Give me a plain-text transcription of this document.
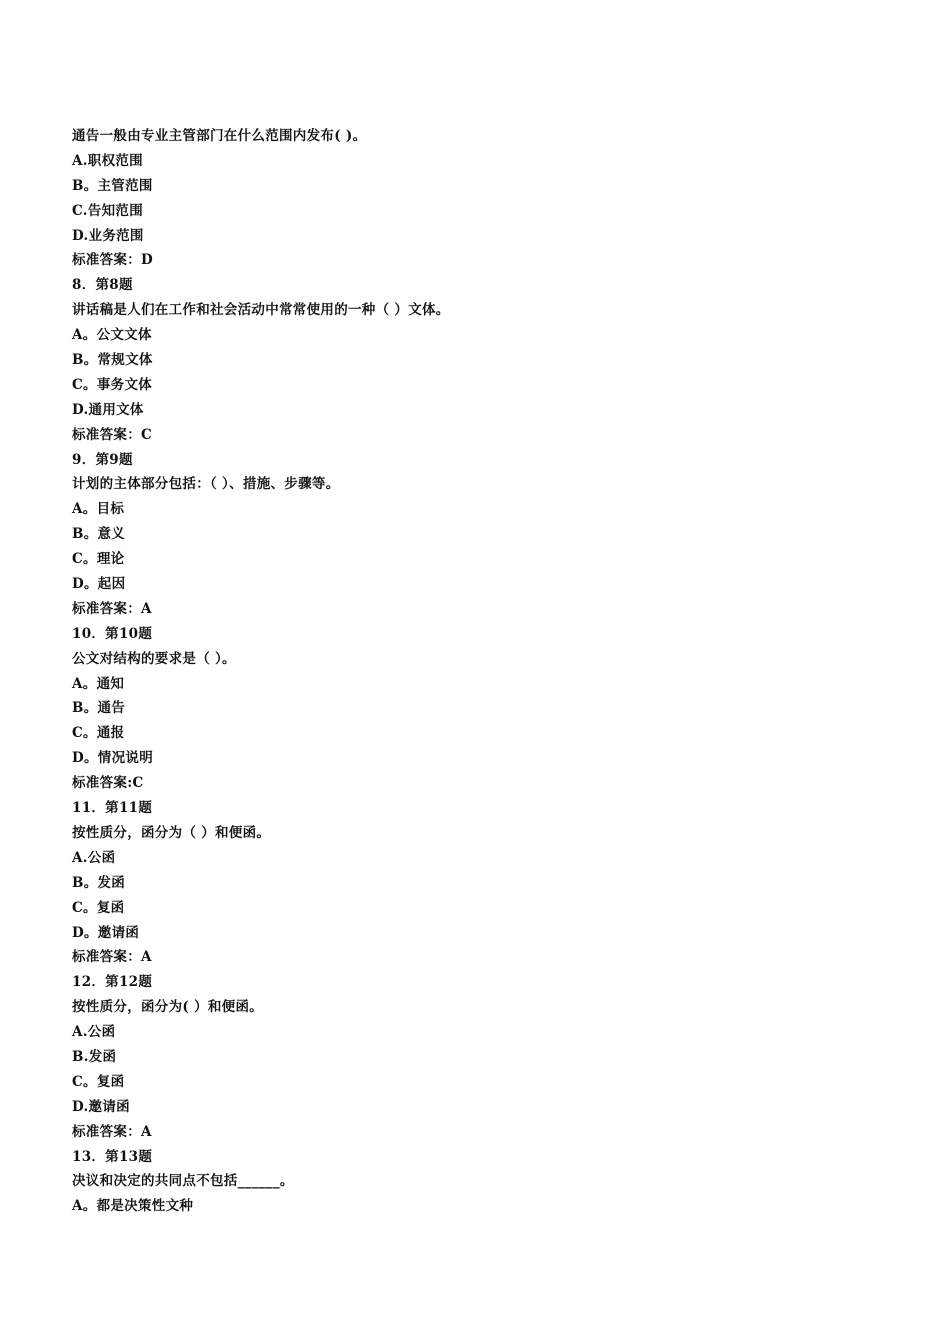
通告一般由专业主管部门在什么范围内发布( )。
A.职权范围
B。主管范围
C.告知范围
D.业务范围
标准答案：D
8．第8题
讲话稿是人们在工作和社会活动中常常使用的一种（ ）文体。
A。公文文体
B。常规文体
C。事务文体
D.通用文体
标准答案：C
9．第9题
计划的主体部分包括：（ ）、措施、步骤等。
A。目标
B。意义
C。理论
D。起因
标准答案：A
10．第10题
公文对结构的要求是（ ）。
A。通知
B。通告
C。通报
D。情况说明
标准答案:C
11．第11题
按性质分，函分为（ ）和便函。
A.公函
B。发函
C。复函
D。邀请函
标准答案：A
12．第12题
按性质分，函分为( ）和便函。
A.公函
B.发函
C。复函
D.邀请函
标准答案：A
13．第13题
决议和决定的共同点不包括______。
A。都是决策性文种
